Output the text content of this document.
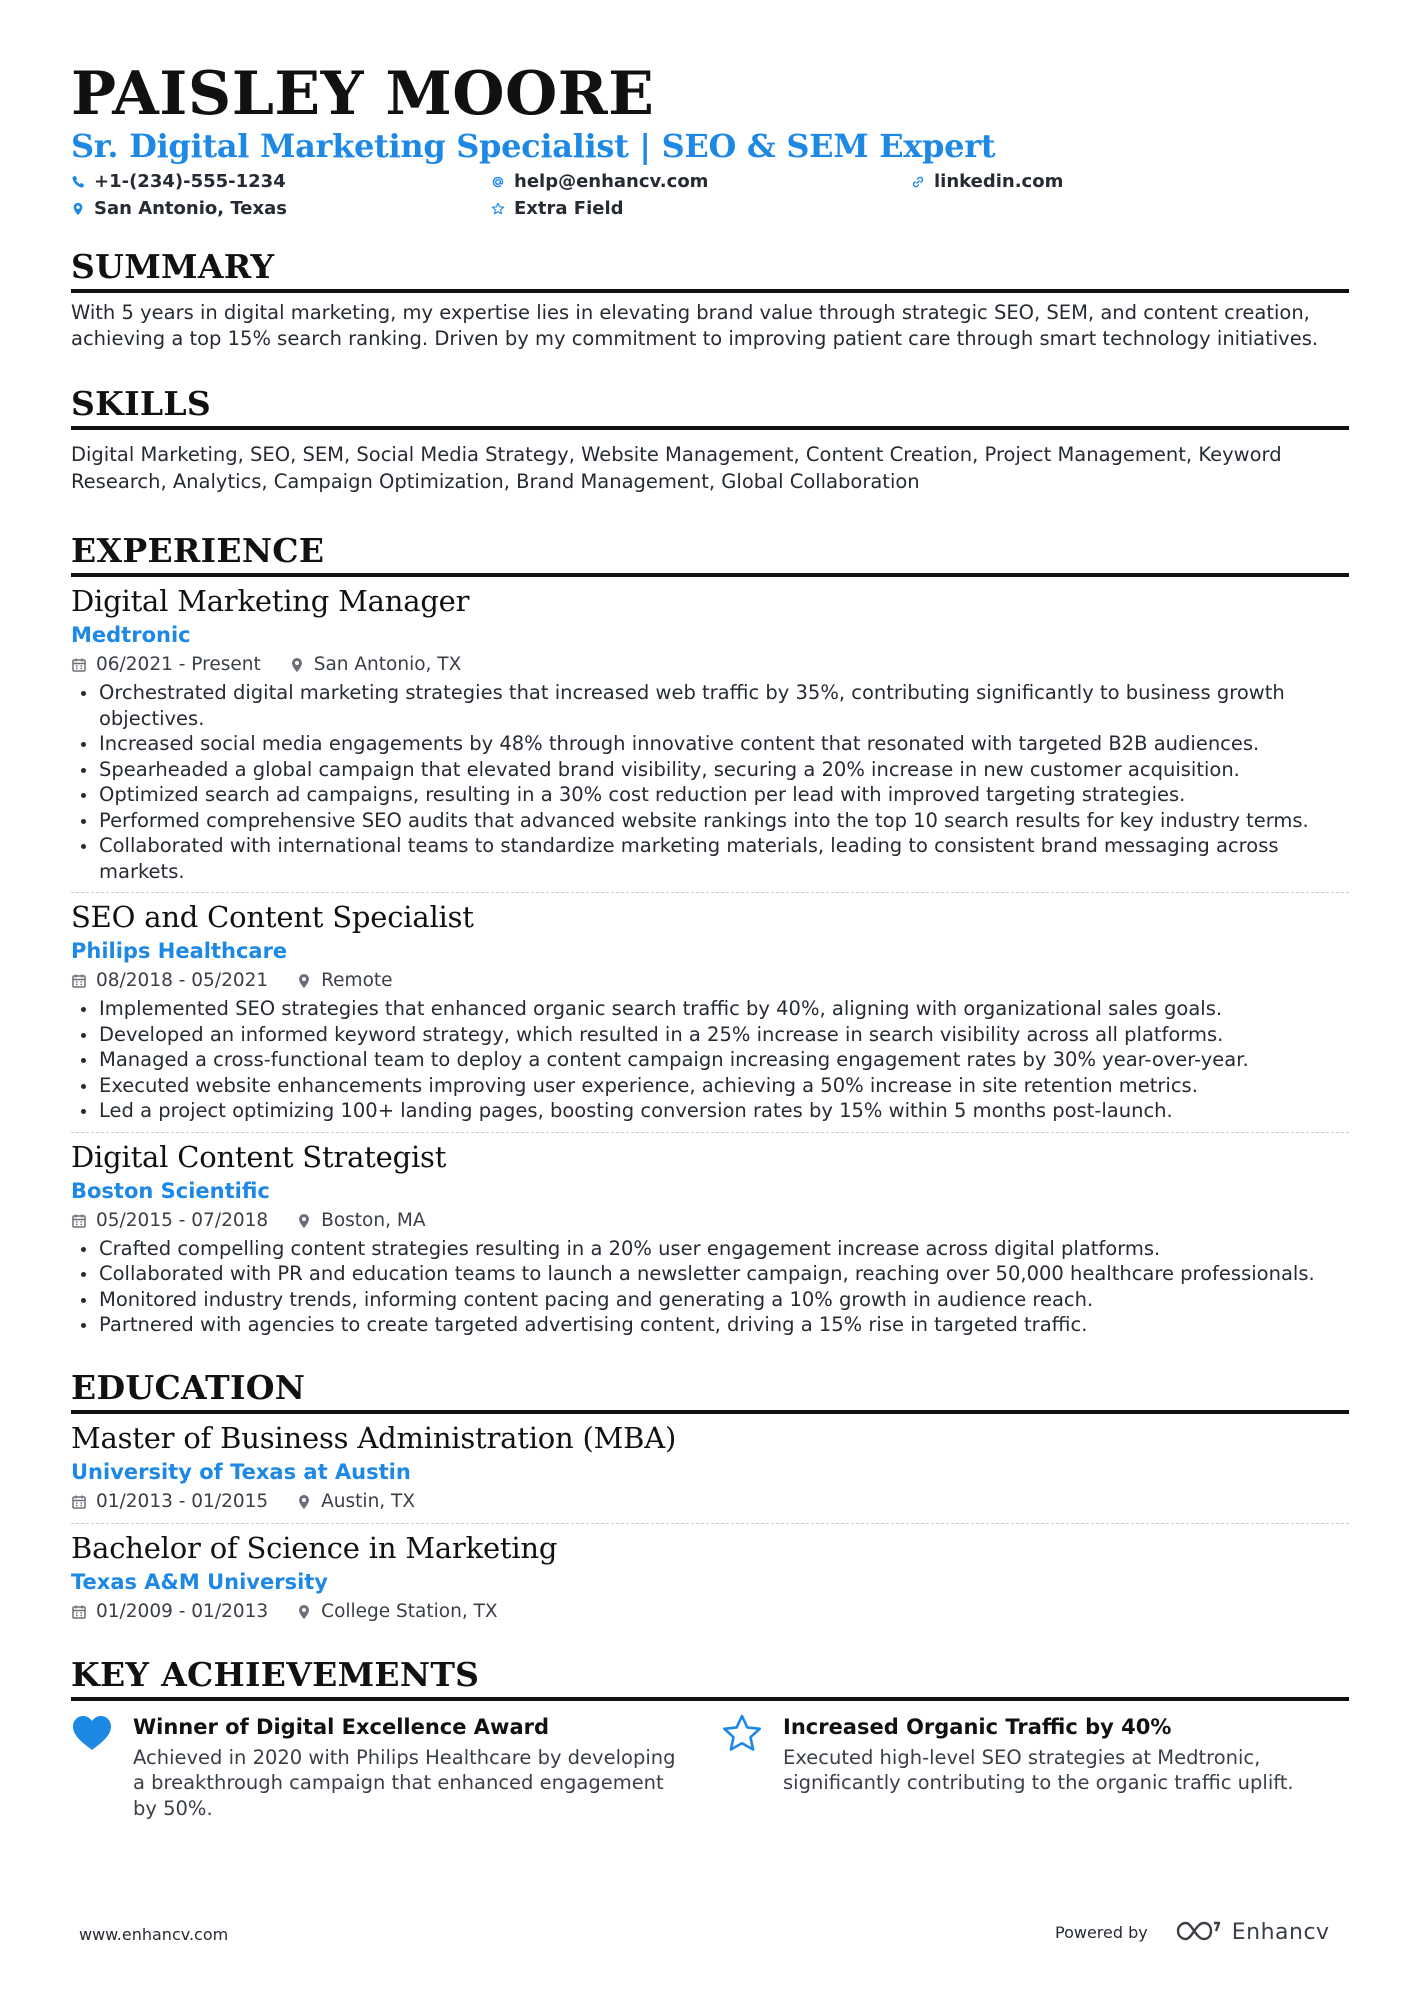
PAISLEY MOORE
Sr. Digital Marketing Specialist | SEO & SEM Expert
+1-(234)-555-1234	help@enhancv.com	linkedin.com
San Antonio, Texas	Extra Field
SUMMARY
With 5 years in digital marketing, my expertise lies in elevating brand value through strategic SEO, SEM, and content creation, achieving a top 15% search ranking. Driven by my commitment to improving patient care through smart technology initiatives.
SKILLS
Digital Marketing, SEO, SEM, Social Media Strategy, Website Management, Content Creation, Project Management, Keyword Research, Analytics, Campaign Optimization, Brand Management, Global Collaboration
EXPERIENCE
Digital Marketing Manager
Medtronic
06/2021 - Present	San Antonio, TX
Orchestrated digital marketing strategies that increased web traffic by 35%, contributing significantly to business growth objectives.
Increased social media engagements by 48% through innovative content that resonated with targeted B2B audiences.
Spearheaded a global campaign that elevated brand visibility, securing a 20% increase in new customer acquisition.
Optimized search ad campaigns, resulting in a 30% cost reduction per lead with improved targeting strategies.
Performed comprehensive SEO audits that advanced website rankings into the top 10 search results for key industry terms.
Collaborated with international teams to standardize marketing materials, leading to consistent brand messaging across markets.
SEO and Content Specialist
Philips Healthcare
08/2018 - 05/2021	Remote
Implemented SEO strategies that enhanced organic search traffic by 40%, aligning with organizational sales goals.
Developed an informed keyword strategy, which resulted in a 25% increase in search visibility across all platforms.
Managed a cross-functional team to deploy a content campaign increasing engagement rates by 30% year-over-year.
Executed website enhancements improving user experience, achieving a 50% increase in site retention metrics.
Led a project optimizing 100+ landing pages, boosting conversion rates by 15% within 5 months post-launch.
Digital Content Strategist
Boston Scientific
05/2015 - 07/2018	Boston, MA
Crafted compelling content strategies resulting in a 20% user engagement increase across digital platforms.
Collaborated with PR and education teams to launch a newsletter campaign, reaching over 50,000 healthcare professionals.
Monitored industry trends, informing content pacing and generating a 10% growth in audience reach.
Partnered with agencies to create targeted advertising content, driving a 15% rise in targeted traffic.
EDUCATION
Master of Business Administration (MBA)
University of Texas at Austin
01/2013 - 01/2015	Austin, TX
Bachelor of Science in Marketing
Texas A&M University
01/2009 - 01/2013	College Station, TX
KEY ACHIEVEMENTS
Winner of Digital Excellence Award
Achieved in 2020 with Philips Healthcare by developing a breakthrough campaign that enhanced engagement by 50%.
Increased Organic Traffic by 40%
Executed high-level SEO strategies at Medtronic, significantly contributing to the organic traffic uplift.
www.enhancv.com	Powered by	Enhancv
